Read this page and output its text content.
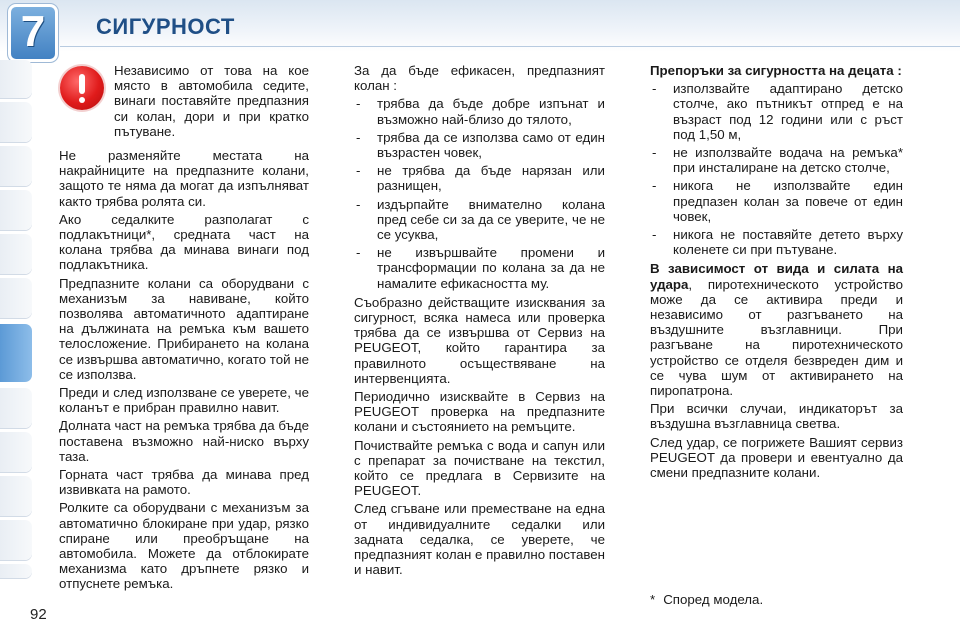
7	СИГУРНОСТ
Независимо от това на кое място в автомобила седите, винаги поставяйте предпазния си колан, дори и при кратко пътуване.

Не разменяйте местата на накрайниците на предпазните колани, защото те няма да могат да изпълняват както трябва ролята си.

Ако седалките разполагат с подлакътници*, средната част на колана трябва да минава винаги под подлакътника.

Предпазните колани са оборудвани с механизъм за навиване, който позволява автоматичното адаптиране на дължината на ремъка към вашето телосложение. Прибирането на колана се извършва автоматично, когато той не се използва.

Преди и след използване се уверете, че коланът е прибран правилно навит.

Долната част на ремъка трябва да бъде поставена възможно най-ниско върху таза.

Горната част трябва да минава пред извивката на рамото.

Ролките са оборудвани с механизъм за автоматично блокиране при удар, рязко спиране или преобръщане на автомобила. Можете да отблокирате механизма като дръпнете рязко и отпуснете ремъка.

За да бъде ефикасен, предпазният колан :

- трябва да бъде добре изпънат и възможно най-близо до тялото,
- трябва да се използва само от един възрастен човек,
- не трябва да бъде нарязан или разнищен,
- издърпайте внимателно колана пред себе си за да се уверите, че не се усуква,
- не извършвайте промени и трансформации по колана за да не намалите ефикасността му.

Съобразно действащите изисквания за сигурност, всяка намеса или проверка трябва да се извършва от Сервиз на PEUGEOT, който гарантира за правилното осъществяване на интервенцията.

Периодично изисквайте в Сервиз на PEUGEOT проверка на предпазните колани и състоянието на ремъците.

Почиствайте ремъка с вода и сапун или с препарат за почистване на текстил, който се предлага в Сервизите на PEUGEOT.

След сгъване или преместване на една от индивидуалните седалки или задната седалка, се уверете, че предпазният колан е правилно поставен и навит.

Препоръки за сигурността на децата :

- използвайте адаптирано детско столче, ако пътникът отпред е на възраст под 12 години или с ръст под 1,50 м,
- не използвайте водача на ремъка* при инсталиране на детско столче,
- никога не използвайте един предпазен колан за повече от един човек,
- никога не поставяйте детето върху коленете си при пътуване.

В зависимост от вида и силата на удара, пиротехническото устройство може да се активира преди и независимо от разгъването на въздушните възглавници. При разгъване на пиротехническото устройство се отделя безвреден дим и се чува шум от активирането на пиропатрона.

При всички случаи, индикаторът за въздушна възглавница светва.

След удар, се погрижете Вашият сервиз PEUGEOT да провери и евентуално да смени предпазните колани.

* Според модела.
92
